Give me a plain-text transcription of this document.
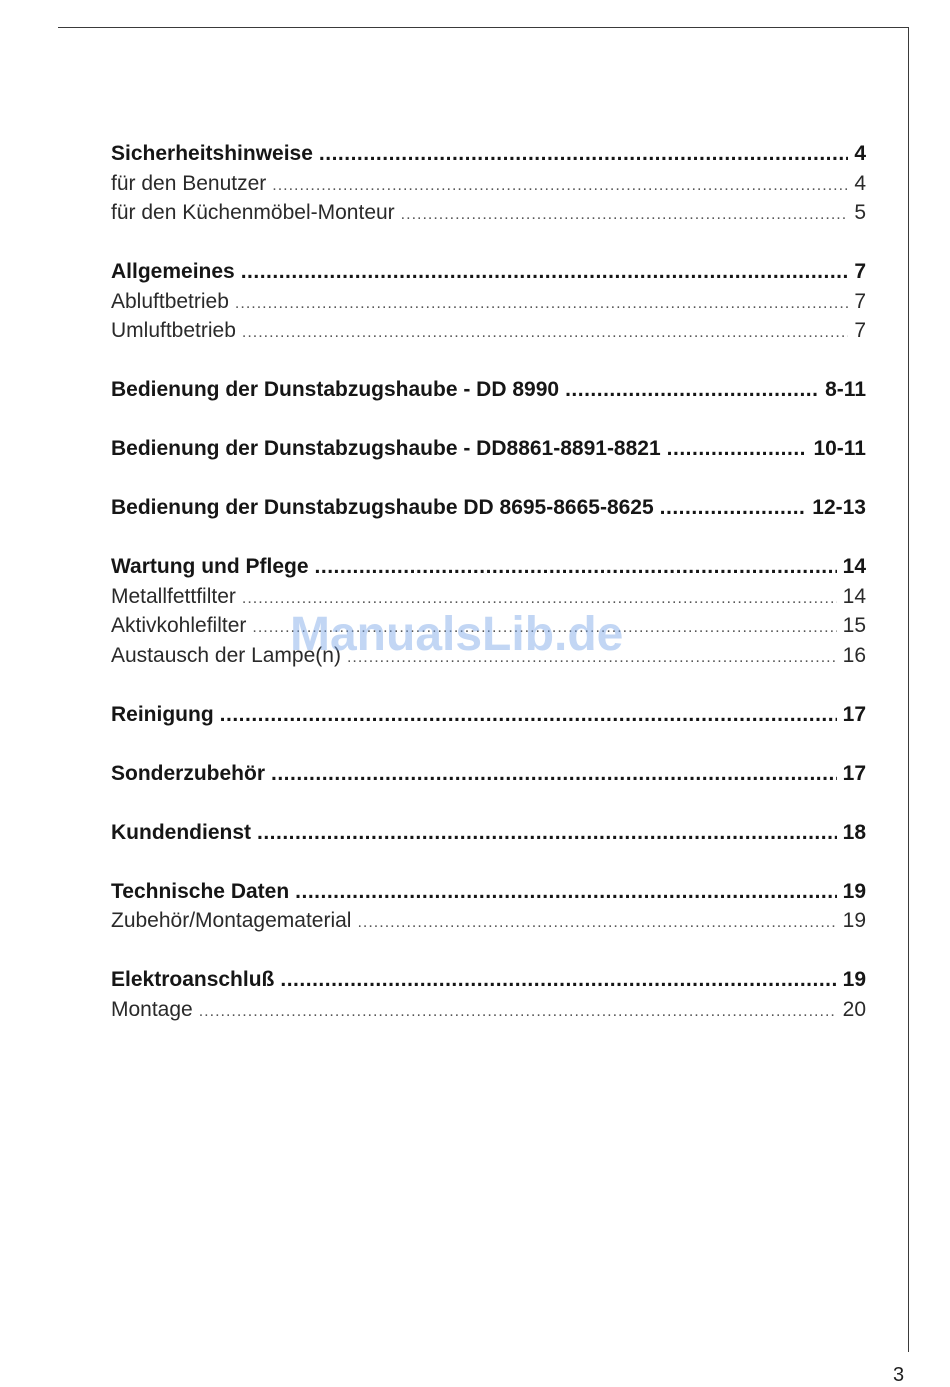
Sicherheitshinweise .....	4
für den Benutzer .....	4
für den Küchenmöbel-Monteur .....	5
Allgemeines .....	7
Abluftbetrieb .....	7
Umluftbetrieb .....	7
Bedienung der Dunstabzugshaube - DD 8990 .....	8-11
Bedienung der Dunstabzugshaube - DD8861-8891-8821 .....	10-11
Bedienung der Dunstabzugshaube DD 8695-8665-8625 .....	12-13
Wartung und Pflege .....	14
Metallfettfilter .....	14
Aktivkohlefilter .....	15
Austausch der Lampe(n) .....	16
Reinigung .....	17
Sonderzubehör .....	17
Kundendienst .....	18
Technische Daten .....	19
Zubehör/Montagematerial .....	19
Elektroanschluß .....	19
Montage .....	20
ManualsLib.de
3
